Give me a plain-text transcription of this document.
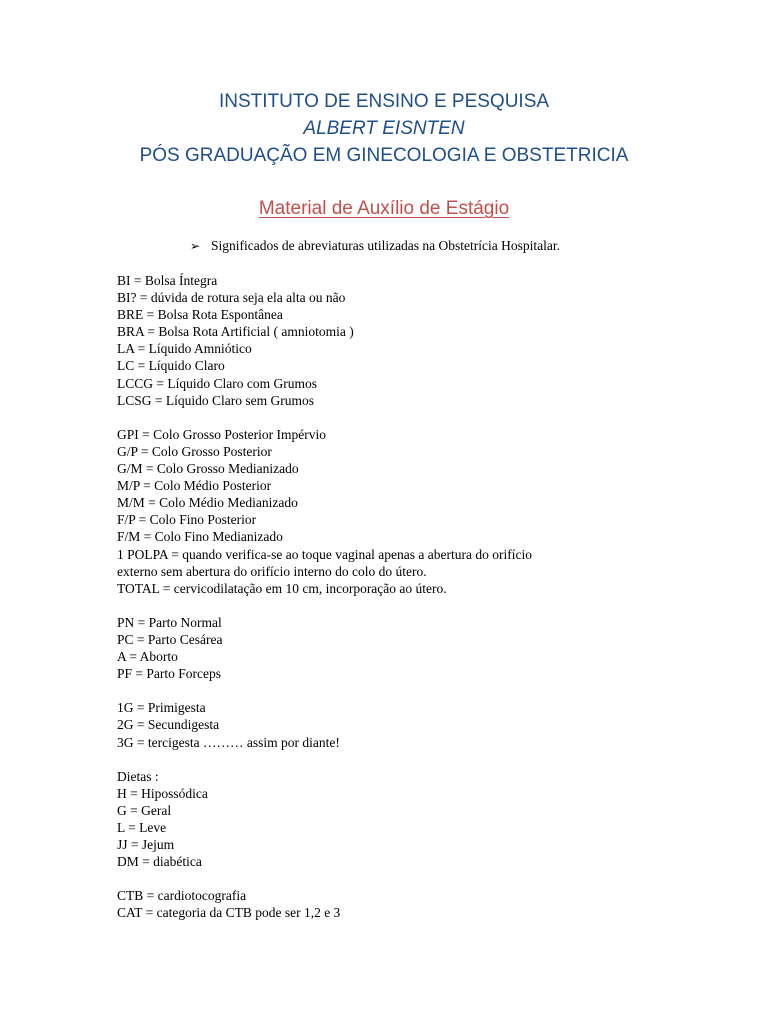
INSTITUTO DE ENSINO E PESQUISA
ALBERT EISNTEN
PÓS GRADUAÇÃO EM GINECOLOGIA E OBSTETRICIA
Material de Auxílio de Estágio
➢ Significados de abreviaturas utilizadas na Obstetrícia Hospitalar.
BI = Bolsa Íntegra
BI? = dúvida de rotura seja ela alta ou não
BRE = Bolsa Rota Espontânea
BRA = Bolsa Rota Artificial ( amniotomia )
LA = Líquido Amniótico
LC = Líquido Claro
LCCG = Líquido Claro com Grumos
LCSG = Líquido Claro sem Grumos
GPI = Colo Grosso Posterior Impérvio
G/P = Colo Grosso Posterior
G/M = Colo Grosso Medianizado
M/P = Colo Médio Posterior
M/M = Colo Médio Medianizado
F/P = Colo Fino Posterior
F/M = Colo Fino Medianizado
1 POLPA = quando verifica-se ao toque vaginal apenas a abertura do orifício
externo sem abertura do orifício interno do colo do útero.
TOTAL = cervicodilatação em 10 cm, incorporação ao útero.
PN = Parto Normal
PC = Parto Cesárea
A = Aborto
PF = Parto Forceps
1G = Primigesta
2G = Secundigesta
3G = tercigesta ……… assim por diante!
Dietas :
H = Hipossódica
G = Geral
L = Leve
JJ = Jejum
DM = diabética
CTB = cardiotocografia
CAT = categoria da CTB pode ser 1,2 e 3
